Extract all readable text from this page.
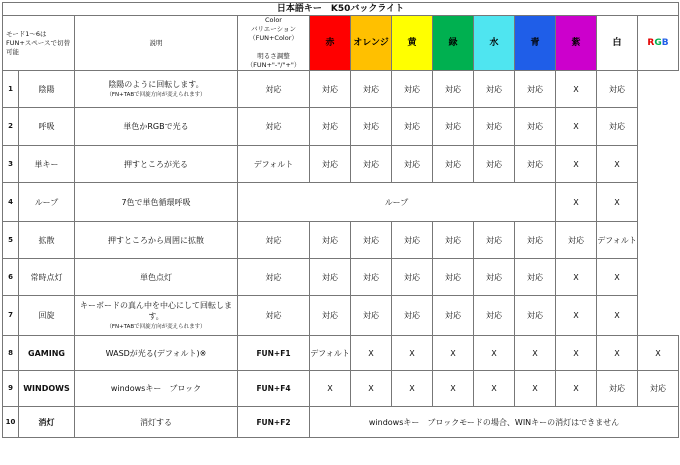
日本語キー　K50バックライト												
モード1～6は
FUN+スペースで切替
可能		説明	Color
バリエーション
（FUN+Color）

明るさ調整
（FUN+"-"/"+"）	赤	オレンジ	黄	緑	水	青	紫	白	RGB
1	陰陽	陰陽のように回転します。
（FN+TABで回旋方向が変えられます）	対応	対応	対応	対応	対応	対応	対応	X	対応	
2	呼吸	単色かRGBで光る	対応	対応	対応	対応	対応	対応	対応	X	対応	
3	単キー	押すところが光る	デフォルト	対応	対応	対応	対応	対応	対応	X	X	
4	ループ	7色で単色循環呼吸	ループ							X	X	
5	拡散	押すところから周囲に拡散	対応	対応	対応	対応	対応	対応	対応	対応	デフォルト	
6	常時点灯	単色点灯	対応	対応	対応	対応	対応	対応	対応	X	X	
7	回旋	キーボードの真ん中を中心にして回転します。
（FN+TABで回旋方向が変えられます）	対応	対応	対応	対応	対応	対応	対応	X	X	
8	GAMING	WASDが光る(デフォルト)※	FUN+F1	デフォルト	X	X	X	X	X	X	X	X
9	WINDOWS	windowsキー　ブロック	FUN+F4	X	X	X	X	X	X	X	対応	対応
10	消灯	消灯する	FUN+F2	windowsキー　ブロックモードの場合、WINキーの消灯はできません								
